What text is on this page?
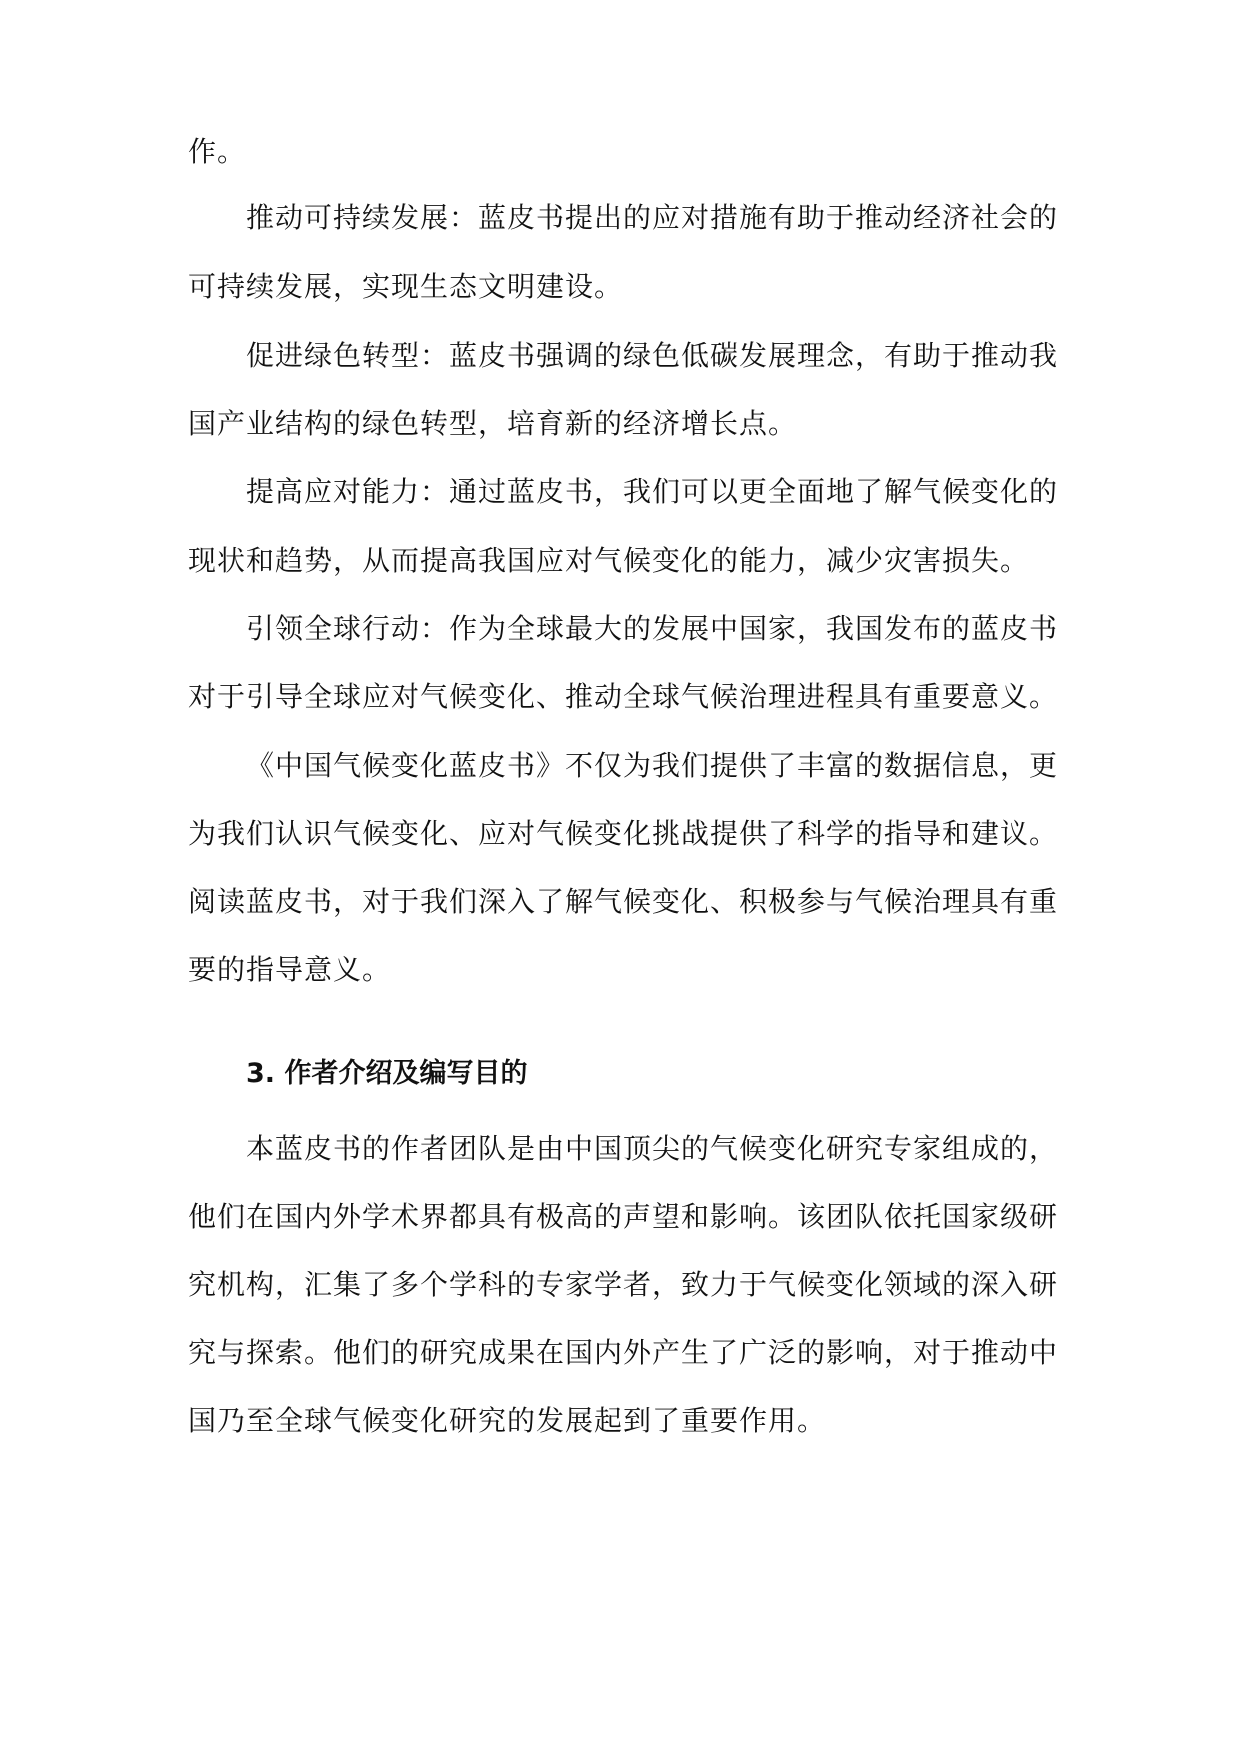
作。
推动可持续发展：蓝皮书提出的应对措施有助于推动经济社会的
可持续发展，实现生态文明建设。
促进绿色转型：蓝皮书强调的绿色低碳发展理念，有助于推动我
国产业结构的绿色转型，培育新的经济增长点。
提高应对能力：通过蓝皮书，我们可以更全面地了解气候变化的
现状和趋势，从而提高我国应对气候变化的能力，减少灾害损失。
引领全球行动：作为全球最大的发展中国家，我国发布的蓝皮书
对于引导全球应对气候变化、推动全球气候治理进程具有重要意义。
《中国气候变化蓝皮书》不仅为我们提供了丰富的数据信息，更
为我们认识气候变化、应对气候变化挑战提供了科学的指导和建议。
阅读蓝皮书，对于我们深入了解气候变化、积极参与气候治理具有重
要的指导意义。
3. 作者介绍及编写目的
本蓝皮书的作者团队是由中国顶尖的气候变化研究专家组成的，
他们在国内外学术界都具有极高的声望和影响。该团队依托国家级研
究机构，汇集了多个学科的专家学者，致力于气候变化领域的深入研
究与探索。他们的研究成果在国内外产生了广泛的影响，对于推动中
国乃至全球气候变化研究的发展起到了重要作用。
